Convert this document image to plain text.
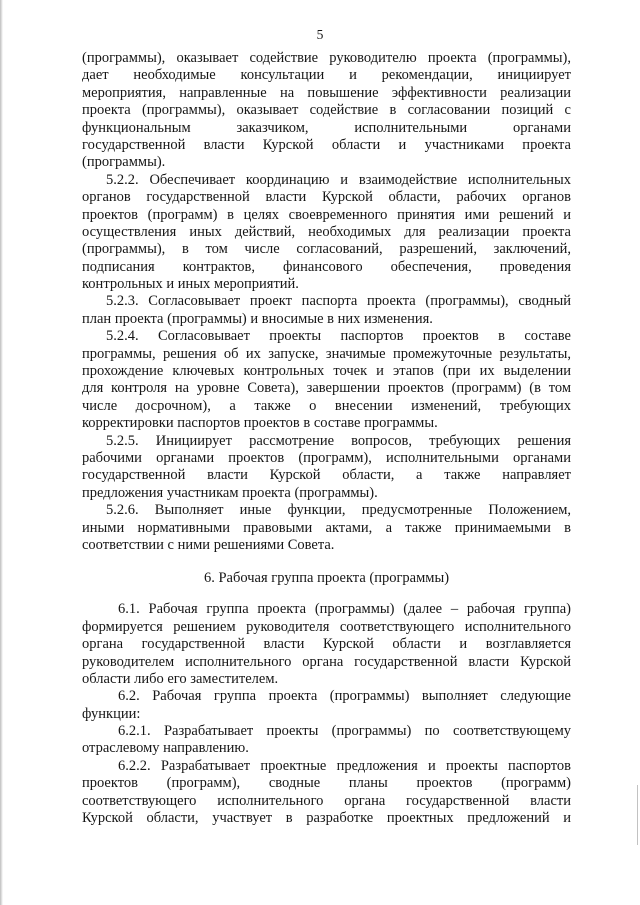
5
(программы), оказывает содействие руководителю проекта (программы),
дает необходимые консультации и рекомендации, инициирует
мероприятия, направленные на повышение эффективности реализации
проекта (программы), оказывает содействие в согласовании позиций с
функциональным заказчиком, исполнительными органами
государственной власти Курской области и участниками проекта
(программы).
5.2.2. Обеспечивает координацию и взаимодействие исполнительных
органов государственной власти Курской области, рабочих органов
проектов (программ) в целях своевременного принятия ими решений и
осуществления иных действий, необходимых для реализации проекта
(программы), в том числе согласований, разрешений, заключений,
подписания контрактов, финансового обеспечения, проведения
контрольных и иных мероприятий.
5.2.3. Согласовывает проект паспорта проекта (программы), сводный
план проекта (программы) и вносимые в них изменения.
5.2.4. Согласовывает проекты паспортов проектов в составе
программы, решения об их запуске, значимые промежуточные результаты,
прохождение ключевых контрольных точек и этапов (при их выделении
для контроля на уровне Совета), завершении проектов (программ) (в том
числе досрочном), а также о внесении изменений, требующих
корректировки паспортов проектов в составе программы.
5.2.5. Инициирует рассмотрение вопросов, требующих решения
рабочими органами проектов (программ), исполнительными органами
государственной власти Курской области, а также направляет
предложения участникам проекта (программы).
5.2.6. Выполняет иные функции, предусмотренные Положением,
иными нормативными правовыми актами, а также принимаемыми в
соответствии с ними решениями Совета.
6. Рабочая группа проекта (программы)
6.1. Рабочая группа проекта (программы) (далее – рабочая группа)
формируется решением руководителя соответствующего исполнительного
органа государственной власти Курской области и возглавляется
руководителем исполнительного органа государственной власти Курской
области либо его заместителем.
6.2. Рабочая группа проекта (программы) выполняет следующие
функции:
6.2.1. Разрабатывает проекты (программы) по соответствующему
отраслевому направлению.
6.2.2. Разрабатывает проектные предложения и проекты паспортов
проектов (программ), сводные планы проектов (программ)
соответствующего исполнительного органа государственной власти
Курской области, участвует в разработке проектных предложений и
